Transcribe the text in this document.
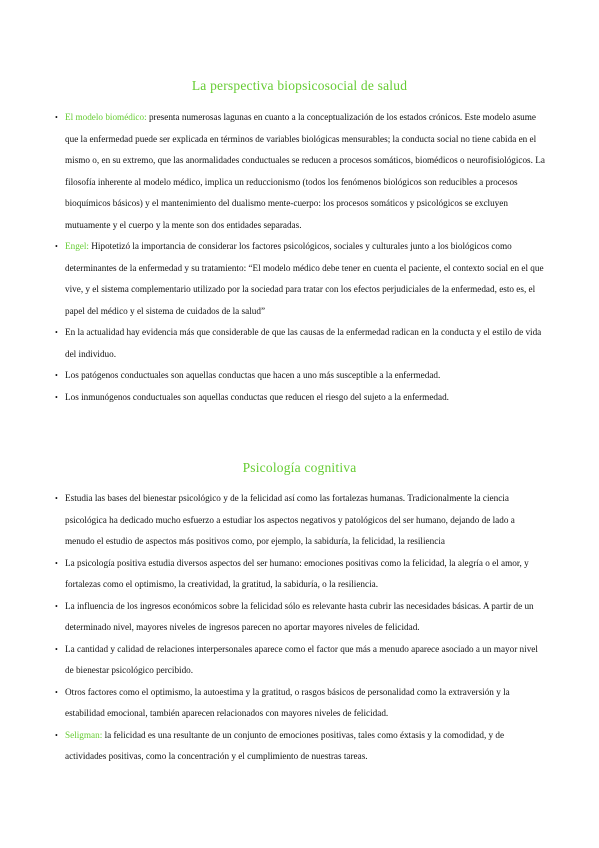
La perspectiva biopsicosocial de salud
• El modelo biomédico: presenta numerosas lagunas en cuanto a la conceptualización de los estados crónicos. Este modelo asume que la enfermedad puede ser explicada en términos de variables biológicas mensurables; la conducta social no tiene cabida en el mismo o, en su extremo, que las anormalidades conductuales se reducen a procesos somáticos, biomédicos o neurofisiológicos. La filosofía inherente al modelo médico, implica un reduccionismo (todos los fenómenos biológicos son reducibles a procesos bioquímicos básicos) y el mantenimiento del dualismo mente-cuerpo: los procesos somáticos y psicológicos se excluyen mutuamente y el cuerpo y la mente son dos entidades separadas.
• Engel: Hipotetizó la importancia de considerar los factores psicológicos, sociales y culturales junto a los biológicos como determinantes de la enfermedad y su tratamiento: “El modelo médico debe tener en cuenta el paciente, el contexto social en el que vive, y el sistema complementario utilizado por la sociedad para tratar con los efectos perjudiciales de la enfermedad, esto es, el papel del médico y el sistema de cuidados de la salud”
• En la actualidad hay evidencia más que considerable de que las causas de la enfermedad radican en la conducta y el estilo de vida del individuo.
• Los patógenos conductuales son aquellas conductas que hacen a uno más susceptible a la enfermedad.
• Los inmunógenos conductuales son aquellas conductas que reducen el riesgo del sujeto a la enfermedad.
Psicología cognitiva
• Estudia las bases del bienestar psicológico y de la felicidad así como las fortalezas humanas. Tradicionalmente la ciencia psicológica ha dedicado mucho esfuerzo a estudiar los aspectos negativos y patológicos del ser humano, dejando de lado a menudo el estudio de aspectos más positivos como, por ejemplo, la sabiduría, la felicidad, la resiliencia
• La psicología positiva estudia diversos aspectos del ser humano: emociones positivas como la felicidad, la alegría o el amor, y fortalezas como el optimismo, la creatividad, la gratitud, la sabiduría, o la resiliencia.
• La influencia de los ingresos económicos sobre la felicidad sólo es relevante hasta cubrir las necesidades básicas. A partir de un determinado nivel, mayores niveles de ingresos parecen no aportar mayores niveles de felicidad.
• La cantidad y calidad de relaciones interpersonales aparece como el factor que más a menudo aparece asociado a un mayor nivel de bienestar psicológico percibido.
• Otros factores como el optimismo, la autoestima y la gratitud, o rasgos básicos de personalidad como la extraversión y la estabilidad emocional, también aparecen relacionados con mayores niveles de felicidad.
• Seligman: la felicidad es una resultante de un conjunto de emociones positivas, tales como éxtasis y la comodidad, y de actividades positivas, como la concentración y el cumplimiento de nuestras tareas.
